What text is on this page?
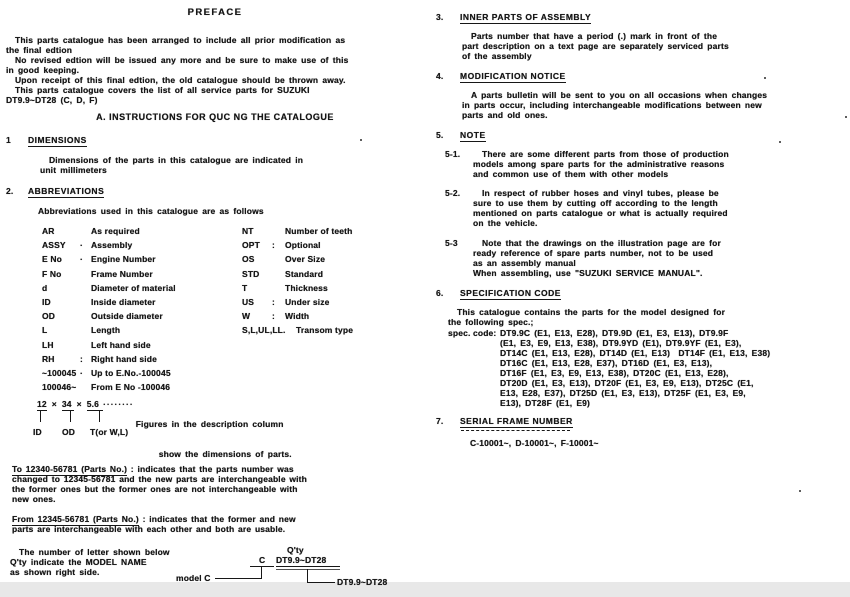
PREFACE
This parts catalogue has been arranged to include all prior modification as
the final edtion
No revised edtion will be issued any more and be sure to make use of this
in good keeping.
Upon receipt of this final edtion, the old catalogue should be thrown away.
This parts catalogue covers the list of all service parts for SUZUKI
DT9.9~DT28 (C, D, F)
A. INSTRUCTIONS FOR QUC NG THE CATALOGUE
1	DIMENSIONS
Dimensions of the parts in this catalogue are indicated in
unit millimeters
2.	ABBREVIATIONS
Abbreviations used in this catalogue are as follows
AR	As required
ASSY	· Assembly
E No	· Engine Number
F No	Frame Number
d	Diameter of material
ID	Inside diameter
OD	Outside diameter
L	Length
LH	Left hand side
RH	: Right hand side
~100045 · Up to E.No.-100045
100046~	From E No -100046
NT	Number of teeth
OPT	:	Optional
OS	Over Size
STD	Standard
T	Thickness
US	:	Under size
W	:	Width
S,L,UL,LL .	Transom type
12 × 34 × 5.6 ········

Figures in the description column

show the dimensions of parts.

ID OD T(or W,L)
To 12340-56781 (Parts No.) : indicates that the parts number was
changed to 12345-56781 and the new parts are interchangeable with
the former ones but the former ones are not interchangeable with
new ones.
From 12345-56781 (Parts No.) : indicates that the former and new
parts are interchangeable with each other and both are usable.
The number of letter shown below
Q'ty indicate the MODEL NAME
as shown right side.
Q'ty
C DT9.9~DT28
model C	DT9.9~DT28
3.	INNER PARTS OF ASSEMBLY
Parts number that have a period (.) mark in front of the
part description on a text page are separately serviced parts
of the assembly
4.	MODIFICATION NOTICE
A parts bulletin will be sent to you on all occasions when changes
in parts occur, including interchangeable modifications between new
parts and old ones.
5.	NOTE
5-1.	There are some different parts from those of production
models among spare parts for the administrative reasons
and common use of them with other models
5-2.	In respect of rubber hoses and vinyl tubes, please be
sure to use them by cutting off according to the length
mentioned on parts catalogue or what is actually required
on the vehicle.
5-3	Note that the drawings on the illustration page are for
ready reference of spare parts number, not to be used
as an assembly manual
When assembling, use "SUZUKI SERVICE MANUAL".
6.	SPECIFICATION CODE
This catalogue contains the parts for the model designed for
the following spec.;
spec. code: DT9.9C (E1, E13, E28), DT9.9D (E1, E3, E13), DT9.9F
(E1, E3, E9, E13, E38), DT9.9YD (E1), DT9.9YF (E1, E3),
DT14C (E1, E13, E28), DT14D (E1, E13)  DT14F (E1, E13, E38)
DT16C (E1, E13, E28, E37), DT16D (E1, E3, E13),
DT16F (E1, E3, E9, E13, E38), DT20C (E1, E13, E28),
DT20D (E1, E3, E13), DT20F (E1, E3, E9, E13), DT25C (E1,
E13, E28, E37), DT25D (E1, E3, E13), DT25F (E1, E3, E9,
E13), DT28F (E1, E9)
7.	SERIAL FRAME NUMBER
C-10001~, D-10001~, F-10001~
